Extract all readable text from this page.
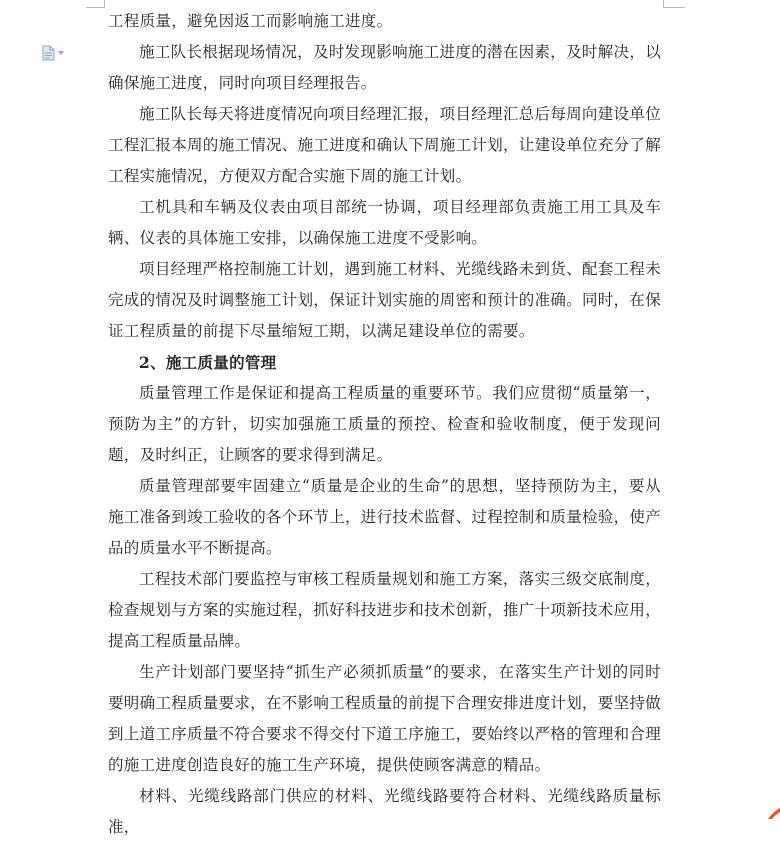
工程质量，避免因返工而影响施工进度。

施工队长根据现场情况，及时发现影响施工进度的潜在因素，及时解决，以确保施工进度，同时向项目经理报告。

施工队长每天将进度情况向项目经理汇报，项目经理汇总后每周向建设单位工程汇报本周的施工情况、施工进度和确认下周施工计划，让建设单位充分了解工程实施情况，方便双方配合实施下周的施工计划。

工机具和车辆及仪表由项目部统一协调，项目经理部负责施工用工具及车辆、仪表的具体施工安排，以确保施工进度不受影响。

项目经理严格控制施工计划，遇到施工材料、光缆线路未到货、配套工程未完成的情况及时调整施工计划，保证计划实施的周密和预计的准确。同时，在保证工程质量的前提下尽量缩短工期，以满足建设单位的需要。

2、施工质量的管理

质量管理工作是保证和提高工程质量的重要环节。我们应贯彻“质量第一，预防为主”的方针，切实加强施工质量的预控、检查和验收制度，便于发现问题，及时纠正，让顾客的要求得到满足。

质量管理部要牢固建立“质量是企业的生命”的思想，坚持预防为主，要从施工准备到竣工验收的各个环节上，进行技术监督、过程控制和质量检验，使产品的质量水平不断提高。

工程技术部门要监控与审核工程质量规划和施工方案，落实三级交底制度，检查规划与方案的实施过程，抓好科技进步和技术创新，推广十项新技术应用，提高工程质量品牌。

生产计划部门要坚持“抓生产必须抓质量”的要求，在落实生产计划的同时要明确工程质量要求，在不影响工程质量的前提下合理安排进度计划，要坚持做到上道工序质量不符合要求不得交付下道工序施工，要始终以严格的管理和合理的施工进度创造良好的施工生产环境，提供使顾客满意的精品。

材料、光缆线路部门供应的材料、光缆线路要符合材料、光缆线路质量标准，
